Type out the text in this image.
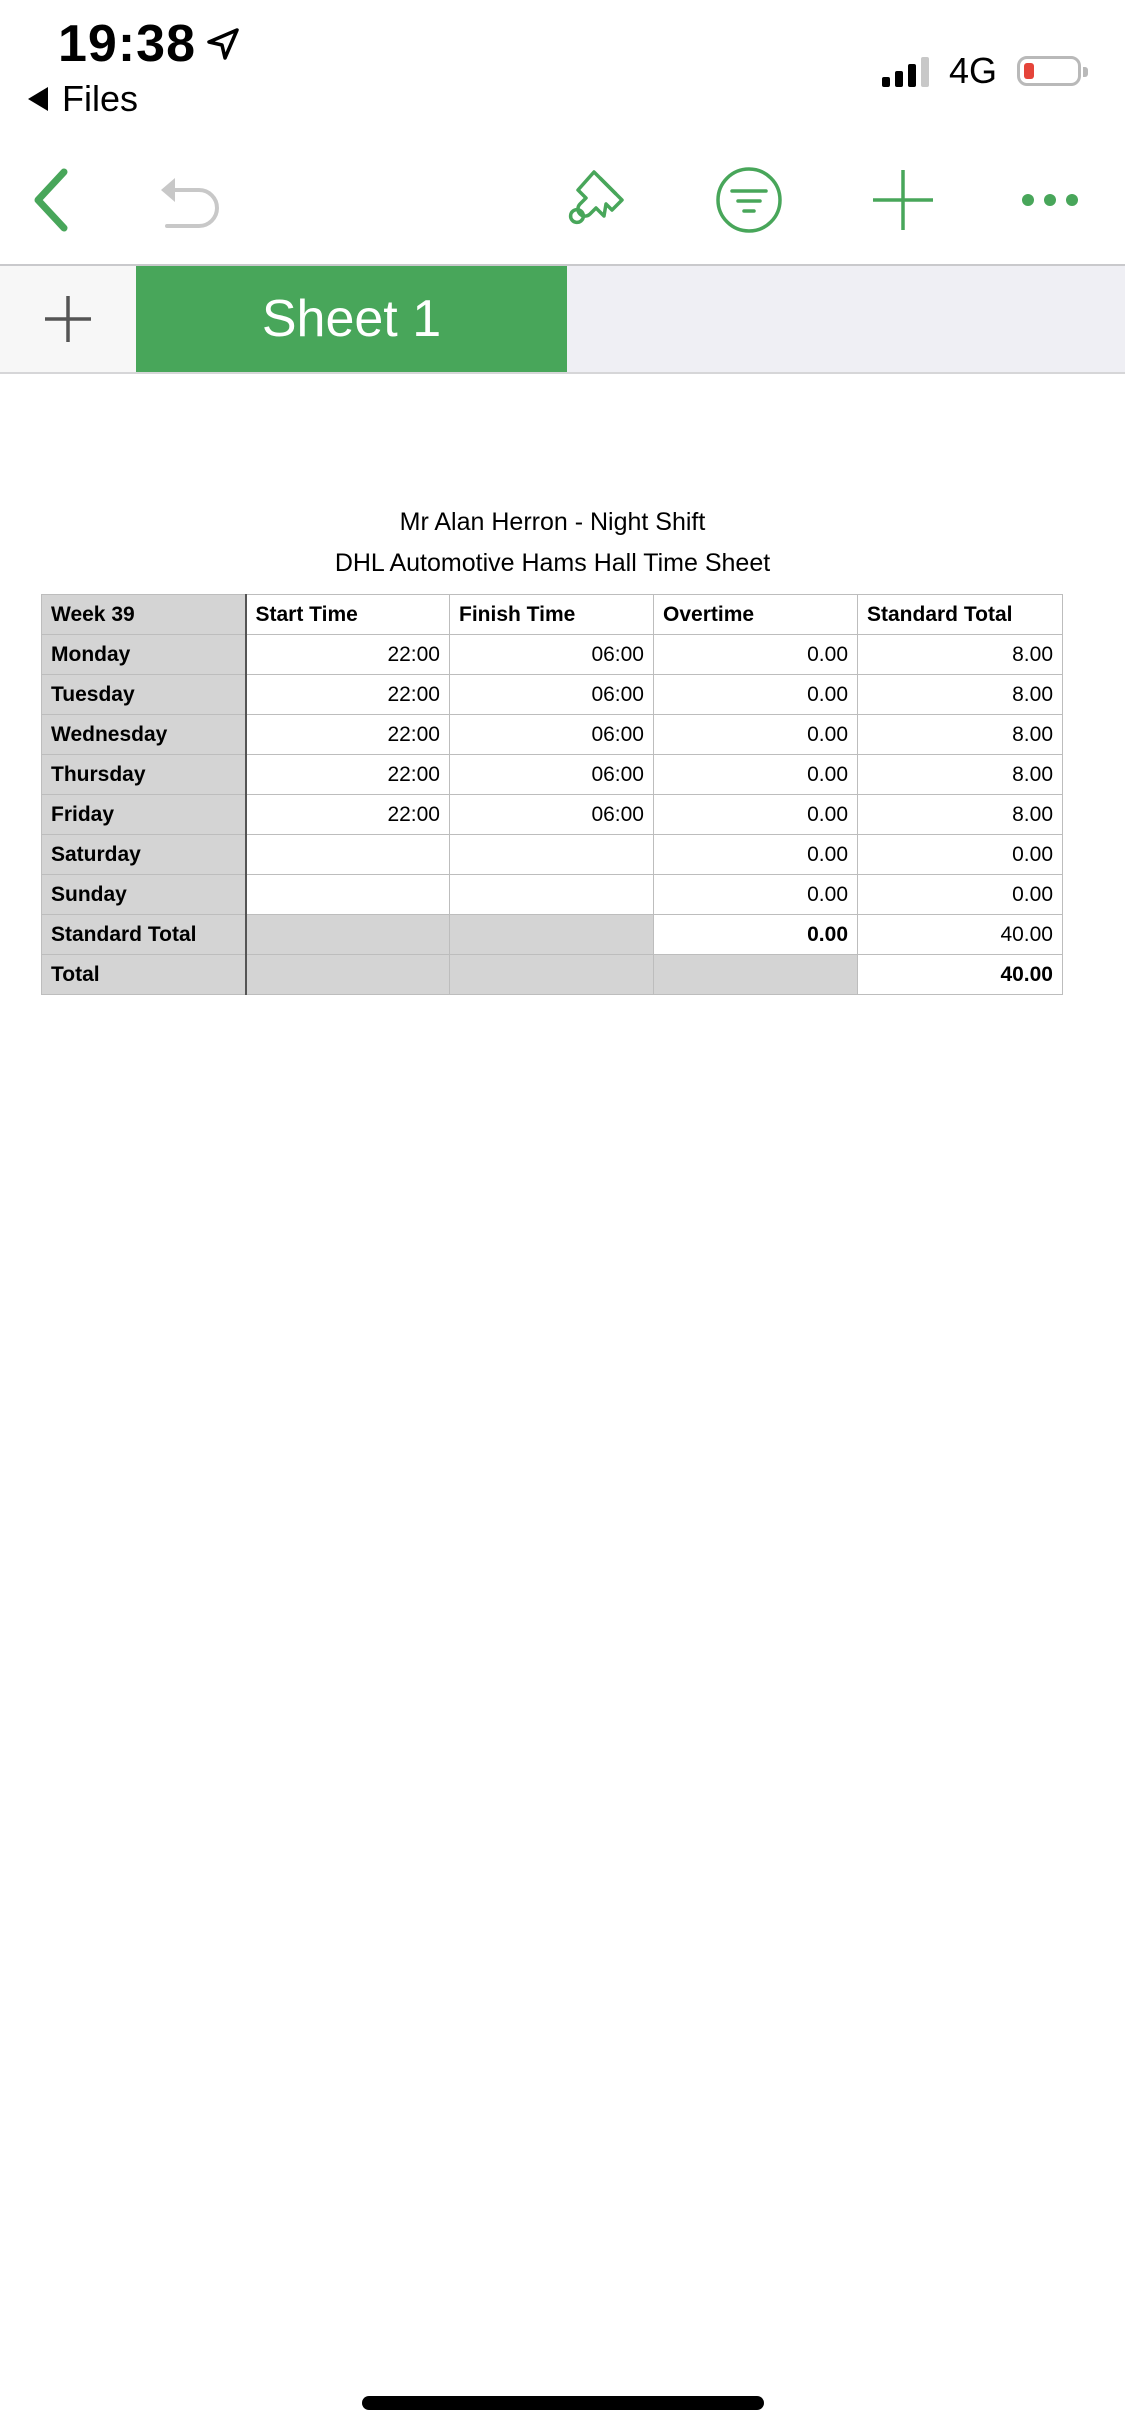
19:38
Files
4G
Sheet 1
Mr Alan Herron - Night Shift
DHL Automotive Hams Hall Time Sheet
Week 39	Start Time	Finish Time	Overtime	Standard Total
Monday	22:00	06:00	0.00	8.00
Tuesday	22:00	06:00	0.00	8.00
Wednesday	22:00	06:00	0.00	8.00
Thursday	22:00	06:00	0.00	8.00
Friday	22:00	06:00	0.00	8.00
Saturday			0.00	0.00
Sunday			0.00	0.00
Standard Total			0.00	40.00
Total				40.00
